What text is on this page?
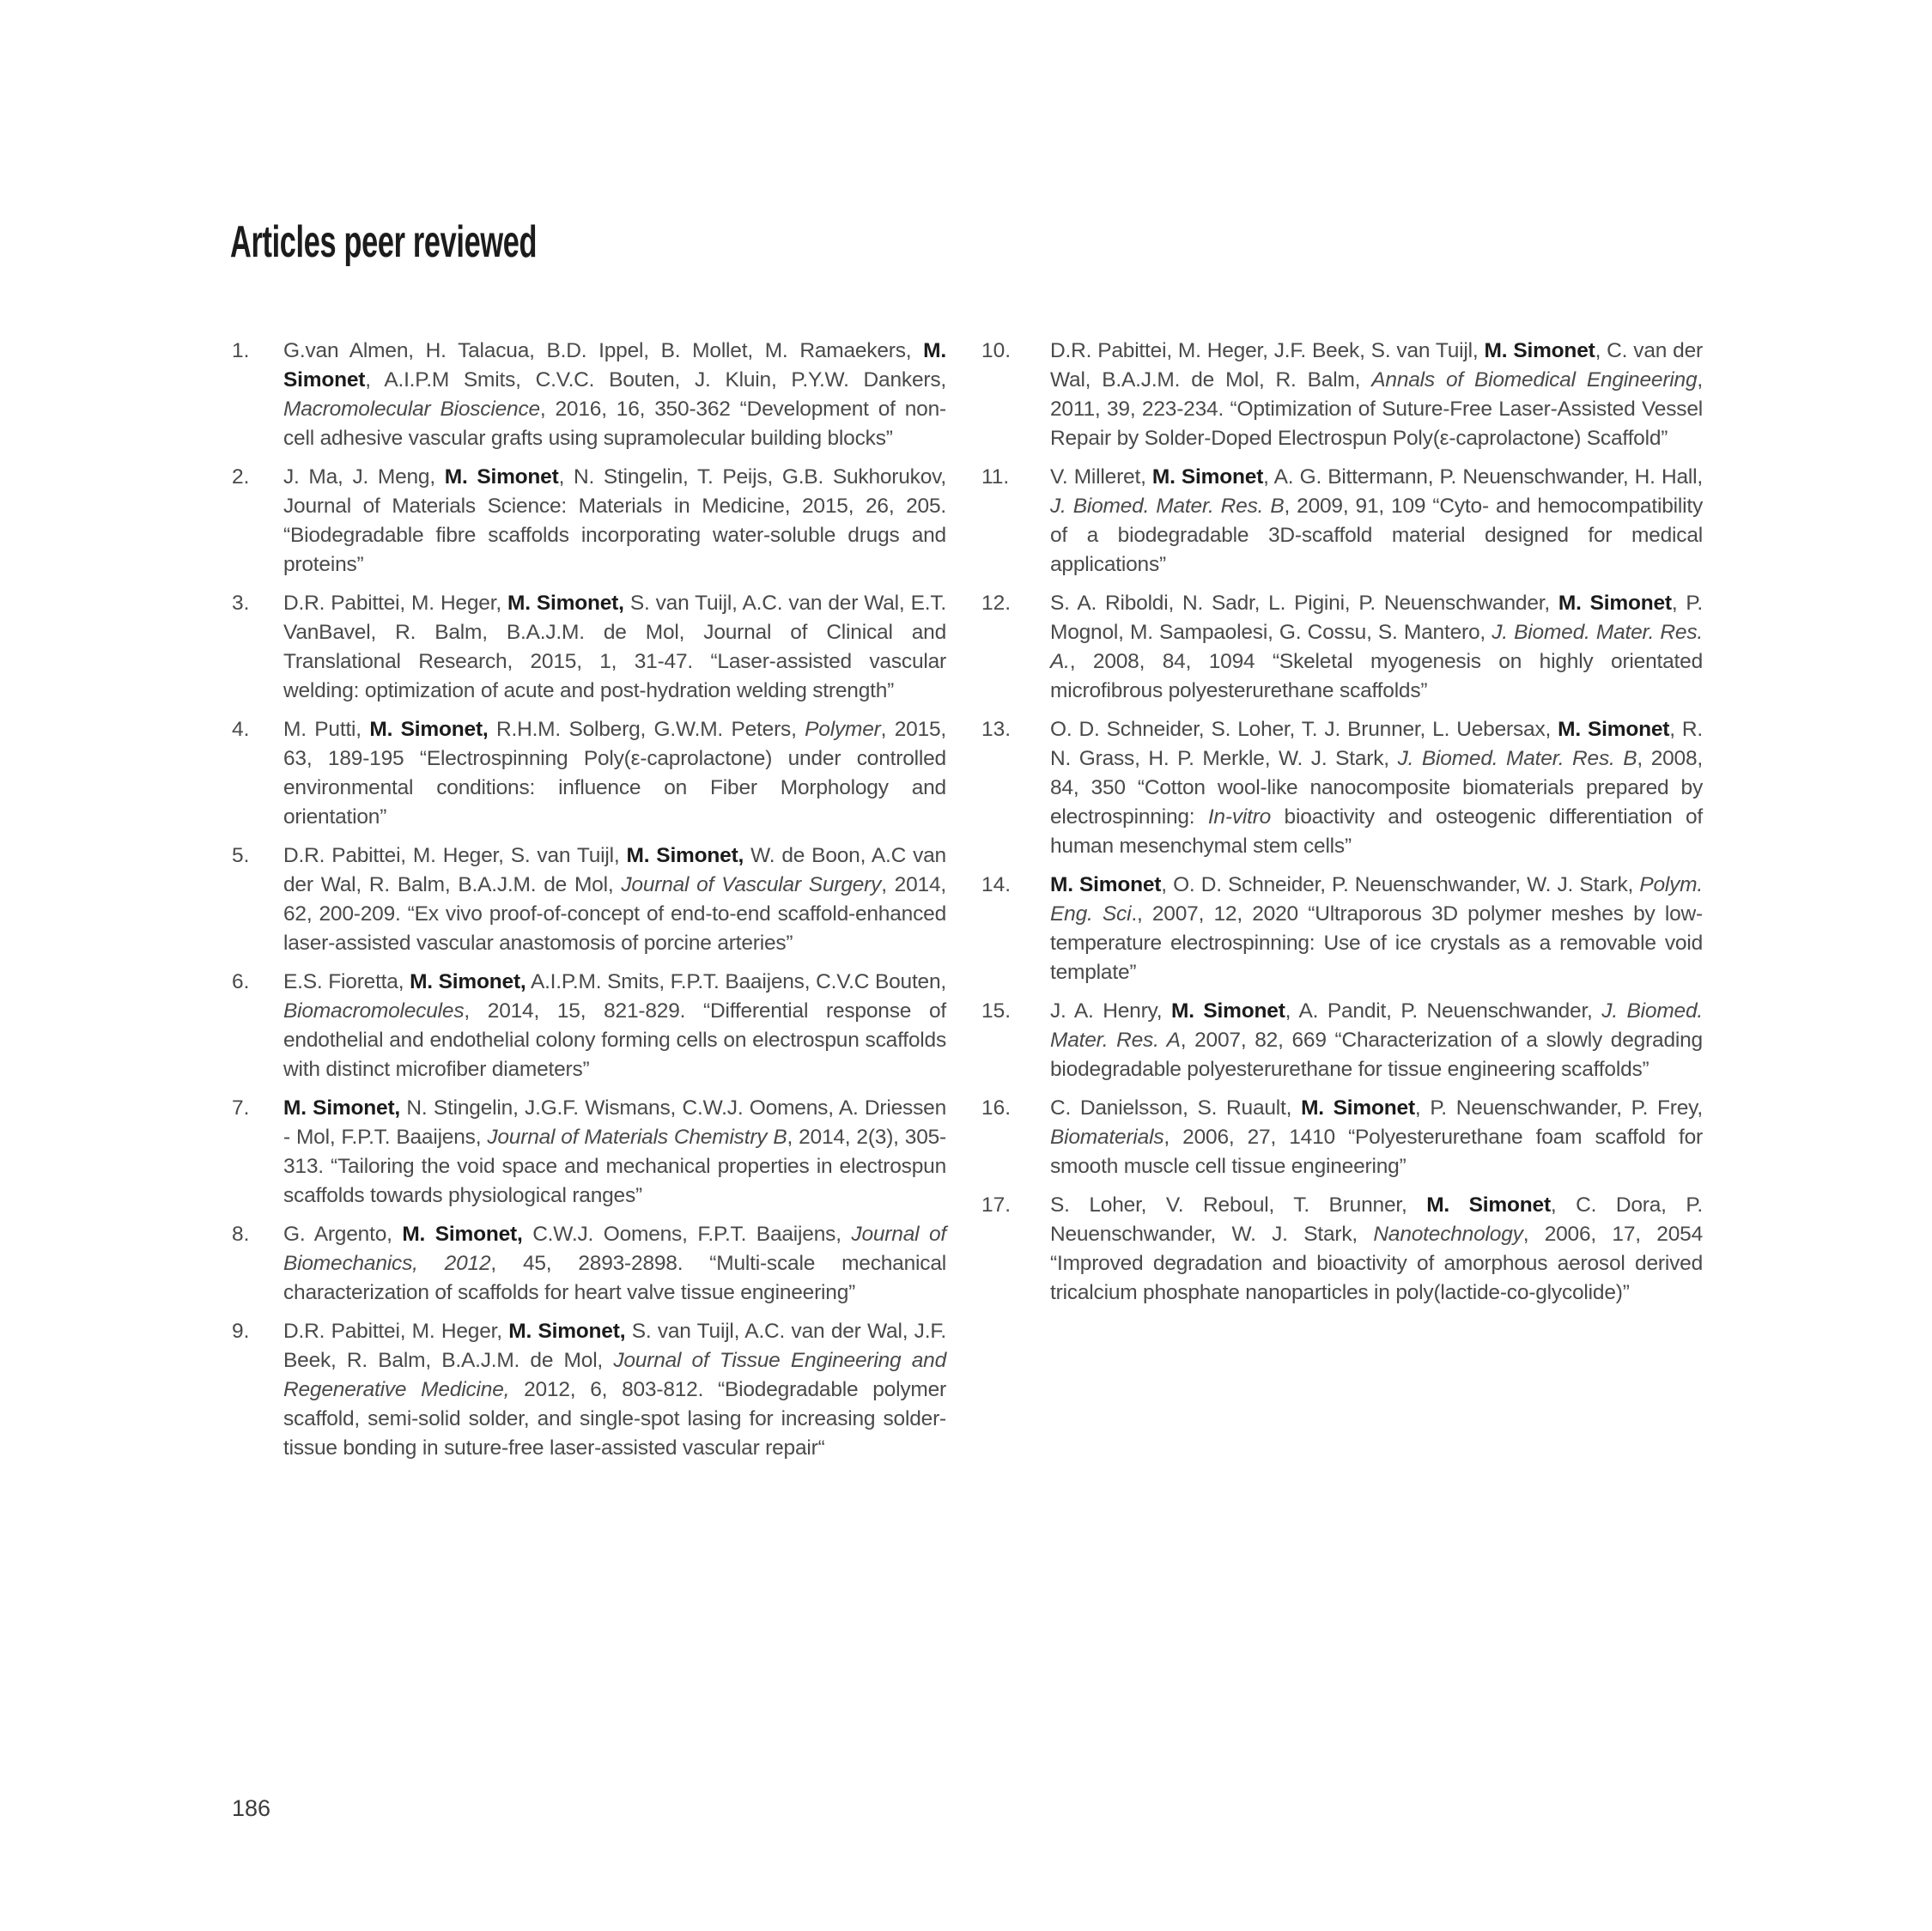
Articles peer reviewed
1.	G.van Almen, H. Talacua, B.D. Ippel, B. Mollet, M. Ramaekers, M. Simonet, A.I.P.M Smits, C.V.C. Bouten, J. Kluin, P.Y.W. Dankers, Macromolecular Bioscience, 2016, 16, 350-362 “Development of non-cell adhesive vascular grafts using supramolecular building blocks”

2.	J. Ma, J. Meng, M. Simonet, N. Stingelin, T. Peijs, G.B. Sukhorukov, Journal of Materials Science: Materials in Medicine, 2015, 26, 205. “Biodegradable fibre scaffolds incorporating water-soluble drugs and proteins”

3.	D.R. Pabittei, M. Heger, M. Simonet, S. van Tuijl, A.C. van der Wal, E.T. VanBavel, R. Balm, B.A.J.M. de Mol, Journal of Clinical and Translational Research, 2015, 1, 31-47. “Laser-assisted vascular welding: optimization of acute and post-hydration welding strength”

4.	M. Putti, M. Simonet, R.H.M. Solberg, G.W.M. Peters, Polymer, 2015, 63, 189-195 “Electrospinning Poly(ε-caprolactone) under controlled environmental conditions: influence on Fiber Morphology and orientation”

5.	D.R. Pabittei, M. Heger, S. van Tuijl, M. Simonet, W. de Boon, A.C van der Wal, R. Balm, B.A.J.M. de Mol, Journal of Vascular Surgery, 2014, 62, 200-209. “Ex vivo proof-of-concept of end-to-end scaffold-enhanced laser-assisted vascular anastomosis of porcine arteries”

6.	E.S. Fioretta, M. Simonet, A.I.P.M. Smits, F.P.T. Baaijens, C.V.C Bouten, Biomacromolecules, 2014, 15, 821-829. “Differential response of endothelial and endothelial colony forming cells on electrospun scaffolds with distinct microfiber diameters”

7.	M. Simonet, N. Stingelin, J.G.F. Wismans, C.W.J. Oomens, A. Driessen - Mol, F.P.T. Baaijens, Journal of Materials Chemistry B, 2014, 2(3), 305-313. “Tailoring the void space and mechanical properties in electrospun scaffolds towards physiological ranges”

8.	G. Argento, M. Simonet, C.W.J. Oomens, F.P.T. Baaijens, Journal of Biomechanics, 2012, 45, 2893-2898. “Multi-scale mechanical characterization of scaffolds for heart valve tissue engineering”

9.	D.R. Pabittei, M. Heger, M. Simonet, S. van Tuijl, A.C. van der Wal, J.F. Beek, R. Balm, B.A.J.M. de Mol, Journal of Tissue Engineering and Regenerative Medicine, 2012, 6, 803-812. “Biodegradable polymer scaffold, semi-solid solder, and single-spot lasing for increasing solder-tissue bonding in suture-free laser-assisted vascular repair“

10.	D.R. Pabittei, M. Heger, J.F. Beek, S. van Tuijl, M. Simonet, C. van der Wal, B.A.J.M. de Mol, R. Balm, Annals of Biomedical Engineering, 2011, 39, 223-234. “Optimization of Suture-Free Laser-Assisted Vessel Repair by Solder-Doped Electrospun Poly(ε-caprolactone) Scaffold”

11.	V. Milleret, M. Simonet, A. G. Bittermann, P. Neuenschwander, H. Hall, J. Biomed. Mater. Res. B, 2009, 91, 109 “Cyto- and hemocompatibility of a biodegradable 3D-scaffold material designed for medical applications”

12.	S. A. Riboldi, N. Sadr, L. Pigini, P. Neuenschwander, M. Simonet, P. Mognol, M. Sampaolesi, G. Cossu, S. Mantero, J. Biomed. Mater. Res. A., 2008, 84, 1094 “Skeletal myogenesis on highly orientated microfibrous polyesterurethane scaffolds”

13.	O. D. Schneider, S. Loher, T. J. Brunner, L. Uebersax, M. Simonet, R. N. Grass, H. P. Merkle, W. J. Stark, J. Biomed. Mater. Res. B, 2008, 84, 350 “Cotton wool-like nanocomposite biomaterials prepared by electrospinning: In-vitro bioactivity and osteogenic differentiation of human mesenchymal stem cells”

14.	M. Simonet, O. D. Schneider, P. Neuenschwander, W. J. Stark, Polym. Eng. Sci., 2007, 12, 2020 “Ultraporous 3D polymer meshes by low-temperature electrospinning: Use of ice crystals as a removable void template”

15.	J. A. Henry, M. Simonet, A. Pandit, P. Neuenschwander, J. Biomed. Mater. Res. A, 2007, 82, 669 “Characterization of a slowly degrading biodegradable polyesterurethane for tissue engineering scaffolds”

16.	C. Danielsson, S. Ruault, M. Simonet, P. Neuenschwander, P. Frey, Biomaterials, 2006, 27, 1410 “Polyesterurethane foam scaffold for smooth muscle cell tissue engineering”

17.	S. Loher, V. Reboul, T. Brunner, M. Simonet, C. Dora, P. Neuenschwander, W. J. Stark, Nanotechnology, 2006, 17, 2054 “Improved degradation and bioactivity of amorphous aerosol derived tricalcium phosphate nanoparticles in poly(lactide-co-glycolide)”

186
